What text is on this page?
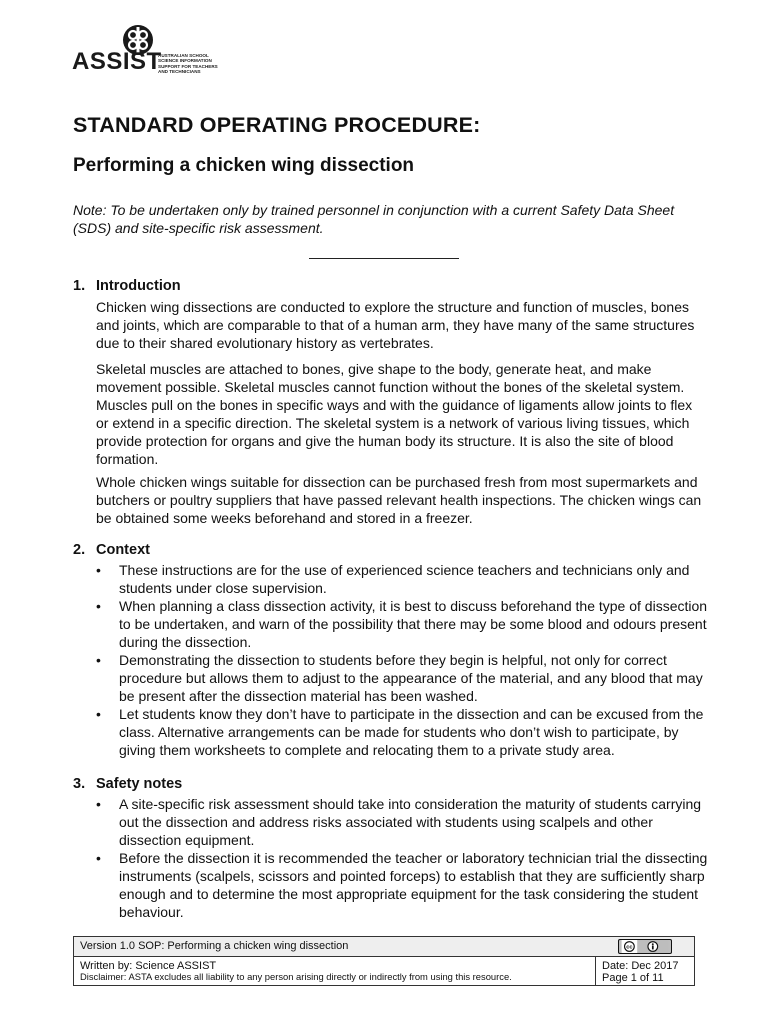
ASSIST
AUSTRALIAN SCHOOL SCIENCE INFORMATION SUPPORT FOR TEACHERS AND TECHNICIANS
STANDARD OPERATING PROCEDURE:
Performing a chicken wing dissection
Note: To be undertaken only by trained personnel in conjunction with a current Safety Data Sheet (SDS) and site-specific risk assessment.
1. Introduction
Chicken wing dissections are conducted to explore the structure and function of muscles, bones and joints, which are comparable to that of a human arm, they have many of the same structures due to their shared evolutionary history as vertebrates.
Skeletal muscles are attached to bones, give shape to the body, generate heat, and make movement possible. Skeletal muscles cannot function without the bones of the skeletal system. Muscles pull on the bones in specific ways and with the guidance of ligaments allow joints to flex or extend in a specific direction. The skeletal system is a network of various living tissues, which provide protection for organs and give the human body its structure. It is also the site of blood formation.
Whole chicken wings suitable for dissection can be purchased fresh from most supermarkets and butchers or poultry suppliers that have passed relevant health inspections. The chicken wings can be obtained some weeks beforehand and stored in a freezer.
2. Context
•	These instructions are for the use of experienced science teachers and technicians only and students under close supervision.
•	When planning a class dissection activity, it is best to discuss beforehand the type of dissection to be undertaken, and warn of the possibility that there may be some blood and odours present during the dissection.
•	Demonstrating the dissection to students before they begin is helpful, not only for correct procedure but allows them to adjust to the appearance of the material, and any blood that may be present after the dissection material has been washed.
•	Let students know they don’t have to participate in the dissection and can be excused from the class. Alternative arrangements can be made for students who don’t wish to participate, by giving them worksheets to complete and relocating them to a private study area.
3. Safety notes
•	A site-specific risk assessment should take into consideration the maturity of students carrying out the dissection and address risks associated with students using scalpels and other dissection equipment.
•	Before the dissection it is recommended the teacher or laboratory technician trial the dissecting instruments (scalpels, scissors and pointed forceps) to establish that they are sufficiently sharp enough and to determine the most appropriate equipment for the task considering the student behaviour.
Version 1.0 SOP: Performing a chicken wing dissection
Written by: Science ASSIST
Disclaimer: ASTA excludes all liability to any person arising directly or indirectly from using this resource.
cc
Date: Dec 2017
Page 1 of 11
